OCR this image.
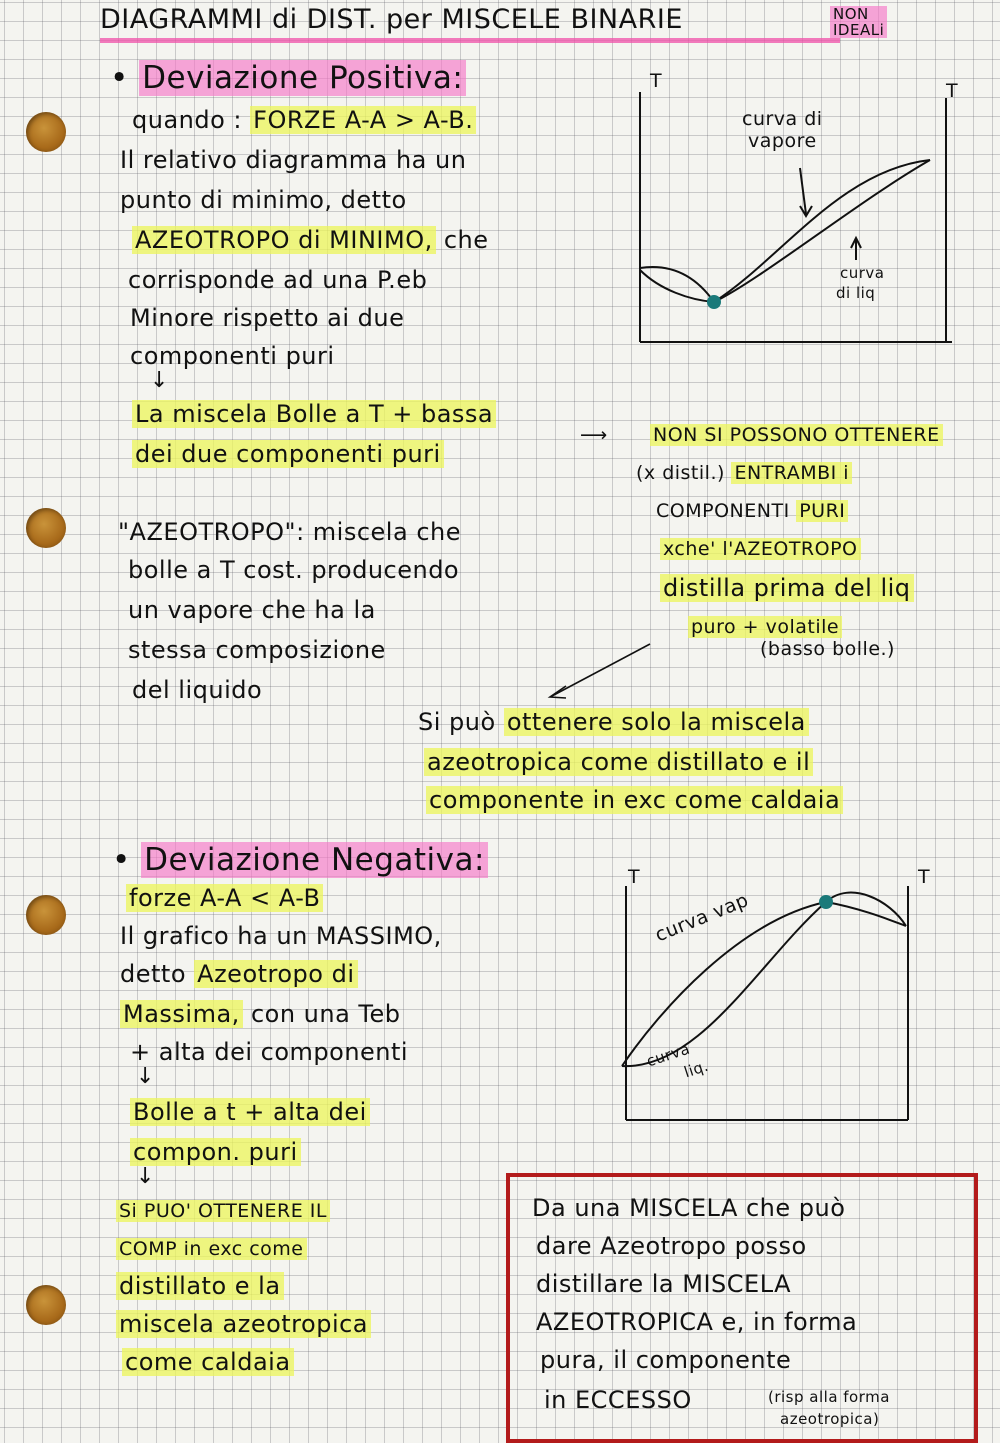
DIAGRAMMI di DIST. per MISCELE BINARIE	NON
IDEALi
• Deviazione Positiva:
quando : FORZE A-A > A-B.
Il relativo diagramma ha un
punto di minimo, detto
AZEOTROPO di MINIMO, che
corrisponde ad una P.eb
Minore rispetto ai due
componenti puri
↓
La miscela Bolle a T + bassa
dei due componenti puri
"AZEOTROPO": miscela che
bolle a T cost. producendo
un vapore che ha la
stessa composizione
del liquido
⟶ NON SI POSSONO OTTENERE
(x distil.) ENTRAMBI i
COMPONENTI PURI
xche' l'AZEOTROPO
distilla prima del liq
puro + volatile
(basso bolle.)
Si può ottenere solo la miscela
azeotropica come distillato e il
componente in exc come caldaia
• Deviazione Negativa:
forze A-A < A-B
Il grafico ha un MASSIMO,
detto Azeotropo di
Massima, con una Teb
+ alta dei componenti
↓
Bolle a t + alta dei
compon. puri
↓
Si PUO' OTTENERE IL
COMP in exc come
distillato e la
miscela azeotropica
come caldaia
Da una MISCELA che può
dare Azeotropo posso
distillare la MISCELA
AZEOTROPICA e, in forma
pura, il componente
in ECCESSO	(risp alla forma
azeotropica)
T	T
curva di
vapore
curva
di liq
T	T
curva vap
curva
liq.
